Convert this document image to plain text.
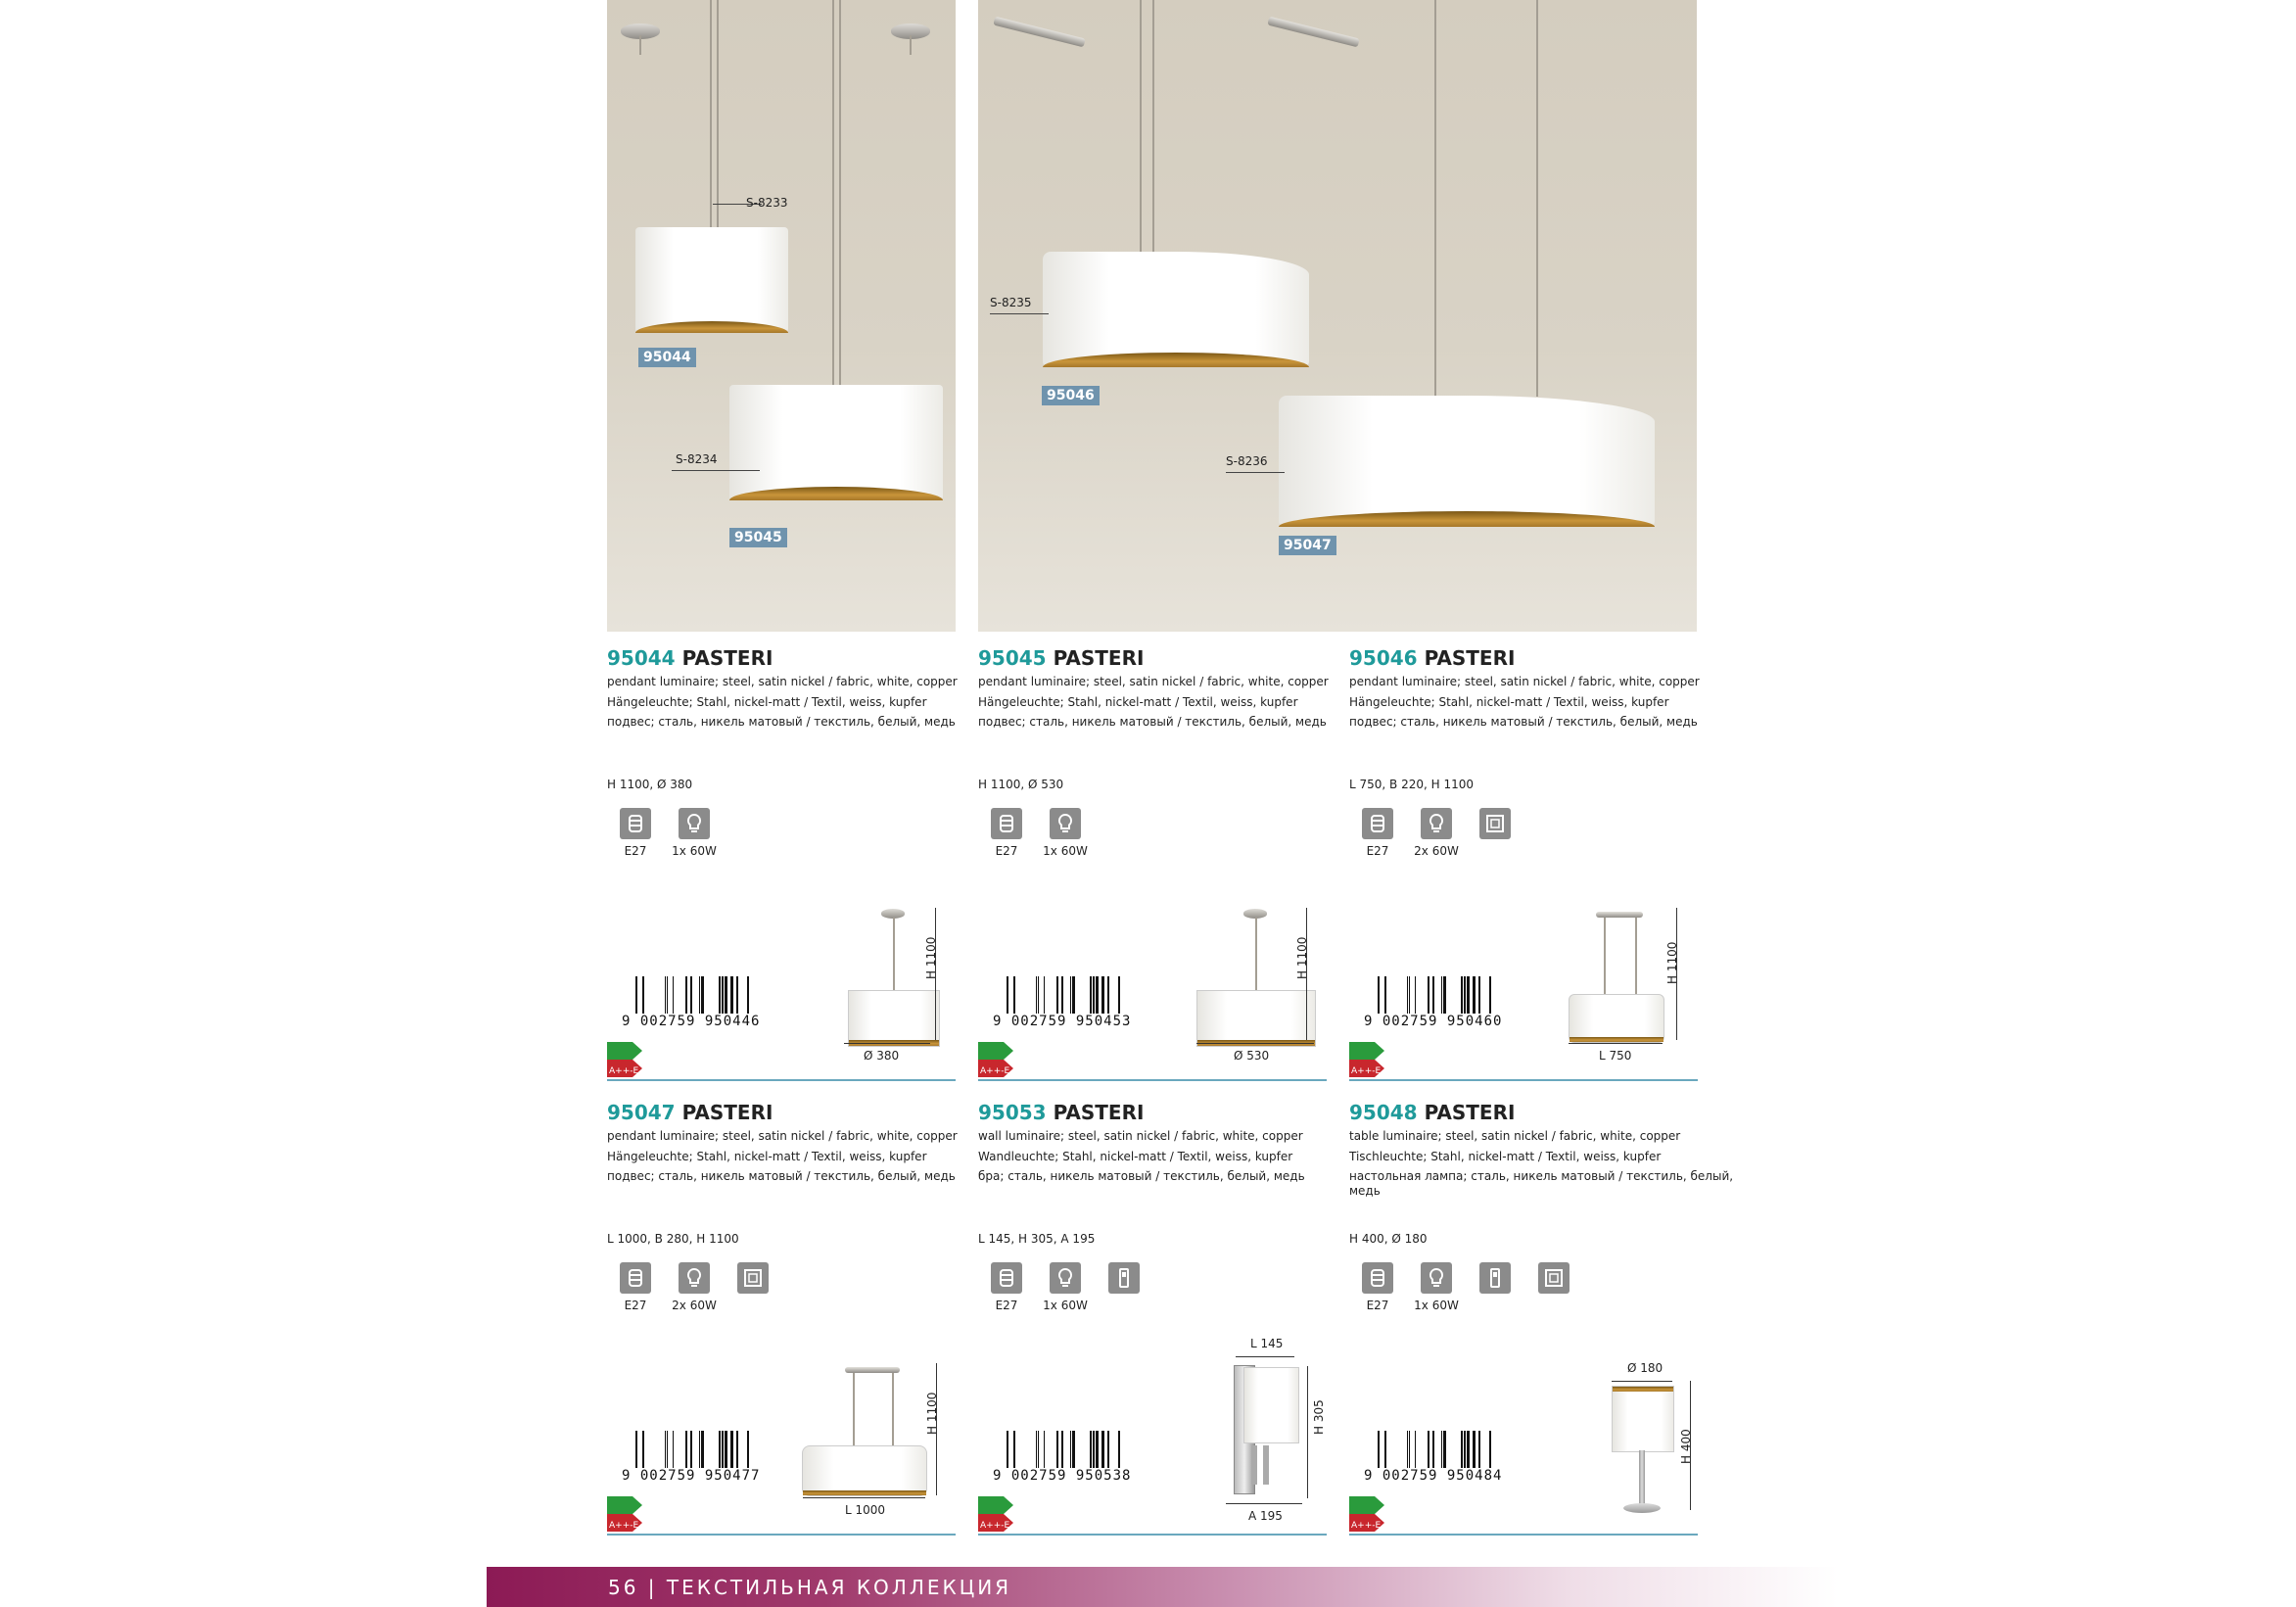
S-8233
S-8234
95044
95045
S-8235
S-8236
95046
95047
95044 PASTERI
pendant luminaire; steel, satin nickel / fabric, white, copper
Hängeleuchte; Stahl, nickel-matt / Textil, weiss, kupfer
подвес; сталь, никель матовый / текстиль, белый, медь
H 1100, Ø 380
E27	1x 60W
9 002759 950446
A++-E
95045 PASTERI
pendant luminaire; steel, satin nickel / fabric, white, copper
Hängeleuchte; Stahl, nickel-matt / Textil, weiss, kupfer
подвес; сталь, никель матовый / текстиль, белый, медь
H 1100, Ø 530
E27	1x 60W
9 002759 950453
A++-E
95046 PASTERI
pendant luminaire; steel, satin nickel / fabric, white, copper
Hängeleuchte; Stahl, nickel-matt / Textil, weiss, kupfer
подвес; сталь, никель матовый / текстиль, белый, медь
L 750, B 220, H 1100
E27	2x 60W
9 002759 950460
A++-E
95047 PASTERI
pendant luminaire; steel, satin nickel / fabric, white, copper
Hängeleuchte; Stahl, nickel-matt / Textil, weiss, kupfer
подвес; сталь, никель матовый / текстиль, белый, медь
L 1000, B 280, H 1100
E27	2x 60W
9 002759 950477
A++-E
95053 PASTERI
wall luminaire; steel, satin nickel / fabric, white, copper
Wandleuchte; Stahl, nickel-matt / Textil, weiss, kupfer
бра; сталь, никель матовый / текстиль, белый, медь
L 145, H 305, A 195
E27	1x 60W
9 002759 950538
A++-E
95048 PASTERI
table luminaire; steel, satin nickel / fabric, white, copper
Tischleuchte; Stahl, nickel-matt / Textil, weiss, kupfer
настольная лампа; сталь, никель матовый / текстиль, белый,
медь
H 400, Ø 180
E27	1x 60W
9 002759 950484
A++-E
H 1100
Ø 380
H 1100
Ø 530
H 1100
L 750
H 1100
L 1000
L 145
H 305
A 195
Ø 180
H 400
56 | ТЕКСТИЛЬНАЯ КОЛЛЕКЦИЯ
